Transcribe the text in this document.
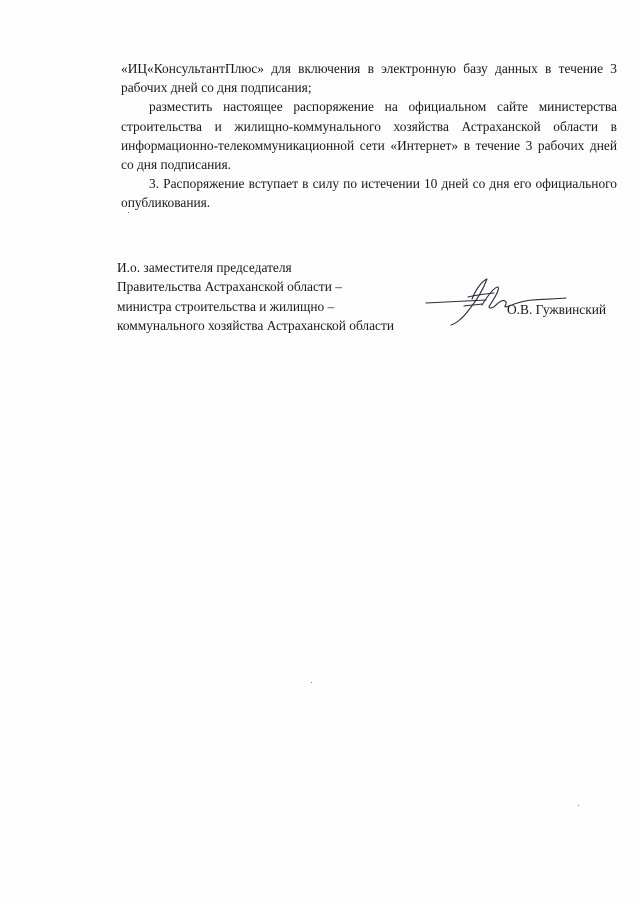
«ИЦ«КонсультантПлюс» для включения в электронную базу данных в течение 3 рабочих дней со дня подписания;

разместить настоящее распоряжение на официальном сайте министерства строительства и жилищно-коммунального хозяйства Астраханской области в информационно-телекоммуникационной сети «Интернет» в течение 3 рабочих дней со дня подписания.

3. Распоряжение вступает в силу по истечении 10 дней со дня его официального опубликования.

И.о. заместителя председателя
Правительства Астраханской области –
министра строительства и жилищно –
коммунального хозяйства Астраханской области
О.В. Гужвинский
